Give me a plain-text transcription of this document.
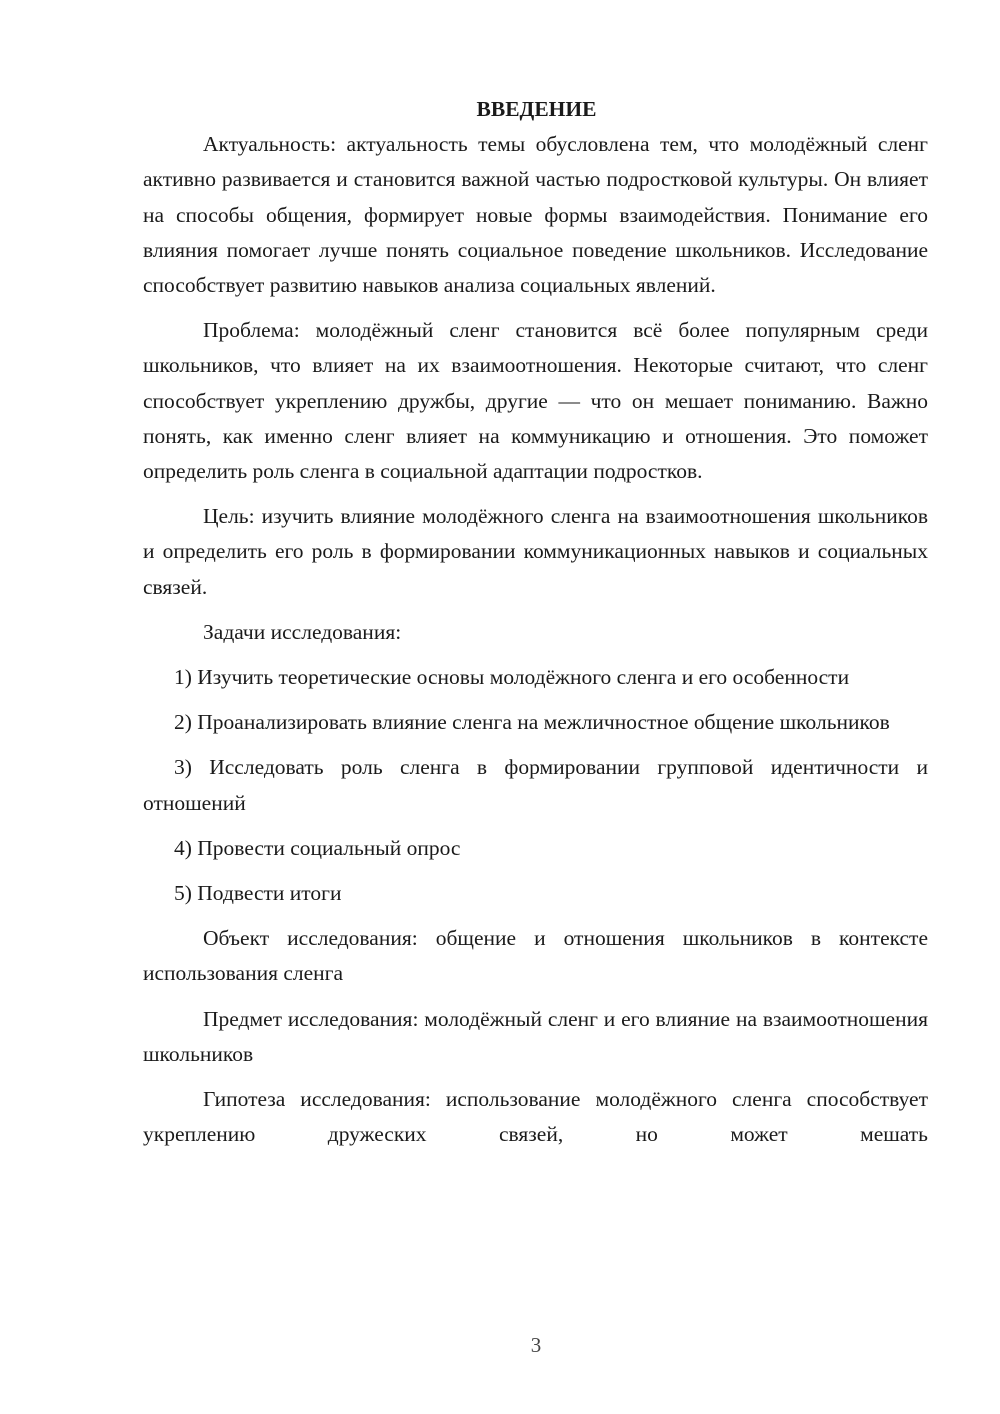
ВВЕДЕНИЕ

Актуальность: актуальность темы обусловлена тем, что молодёжный сленг активно развивается и становится важной частью подростковой культуры. Он влияет на способы общения, формирует новые формы взаимодействия. Понимание его влияния помогает лучше понять социальное поведение школьников. Исследование способствует развитию навыков анализа социальных явлений.

Проблема: молодёжный сленг становится всё более популярным среди школьников, что влияет на их взаимоотношения. Некоторые считают, что сленг способствует укреплению дружбы, другие — что он мешает пониманию. Важно понять, как именно сленг влияет на коммуникацию и отношения. Это поможет определить роль сленга в социальной адаптации подростков.

Цель: изучить влияние молодёжного сленга на взаимоотношения школьников и определить его роль в формировании коммуникационных навыков и социальных связей.

Задачи исследования:

1) Изучить теоретические основы молодёжного сленга и его особенности

2) Проанализировать влияние сленга на межличностное общение школьников

3) Исследовать роль сленга в формировании групповой идентичности и отношений

4) Провести социальный опрос

5) Подвести итоги

Объект исследования: общение и отношения школьников в контексте использования сленга

Предмет исследования: молодёжный сленг и его влияние на взаимоотношения школьников

Гипотеза исследования: использование молодёжного сленга способствует укреплению дружеских связей, но может мешать

3
